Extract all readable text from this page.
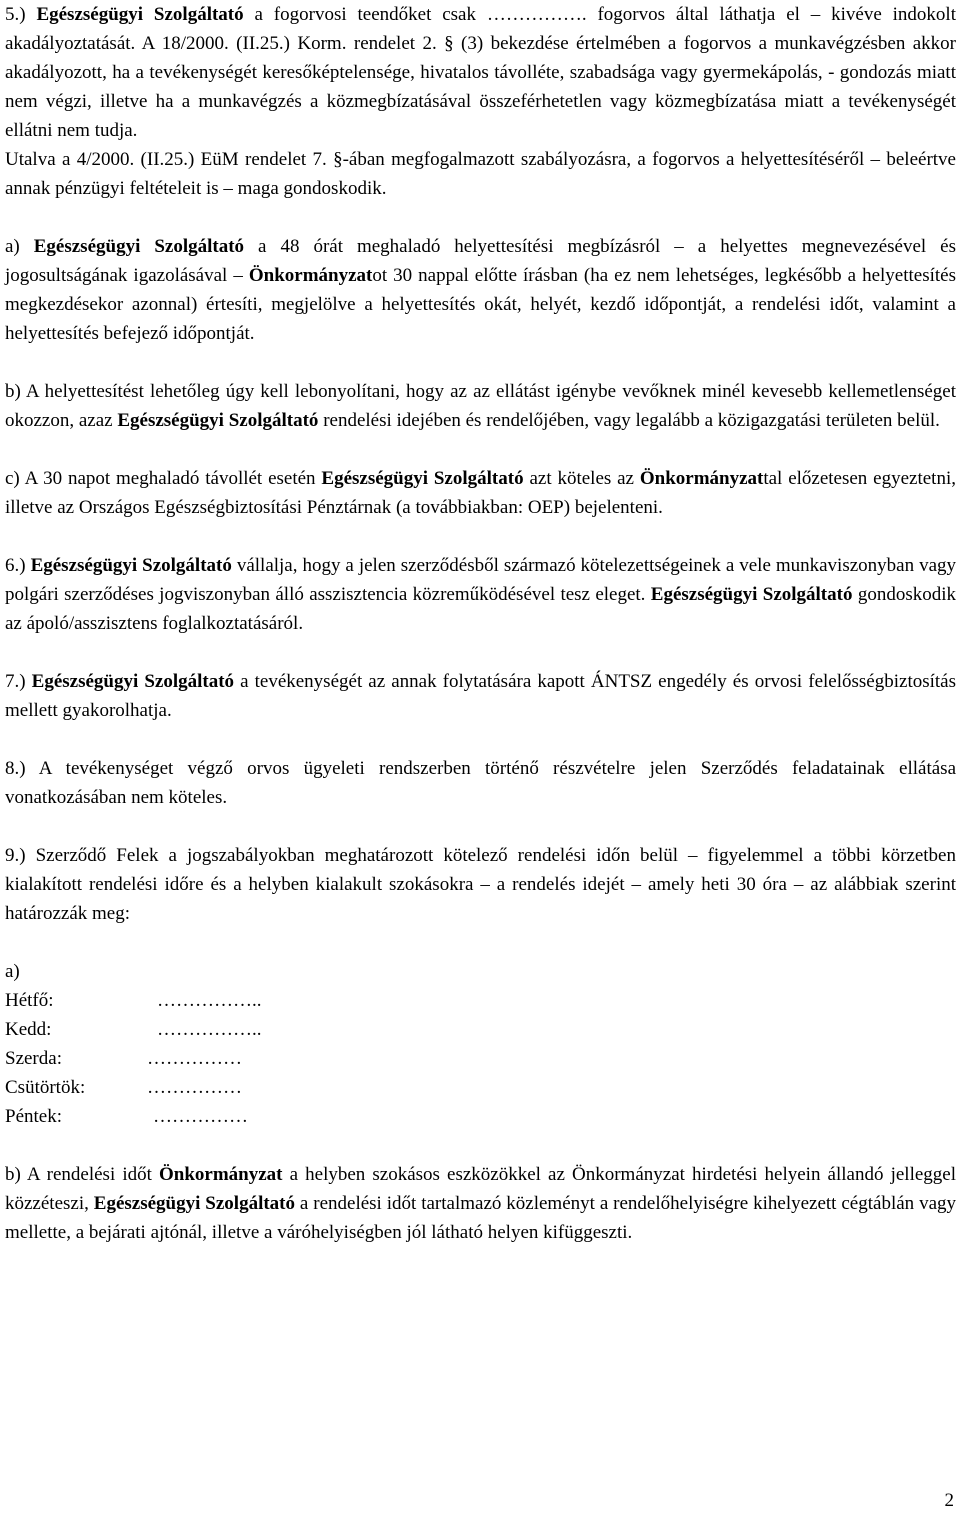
5.) Egészségügyi Szolgáltató a fogorvosi teendőket csak ……………. fogorvos által láthatja el – kivéve indokolt akadályoztatását. A 18/2000. (II.25.) Korm. rendelet 2. § (3) bekezdése értelmében a fogorvos a munkavégzésben akkor akadályozott, ha a tevékenységét keresőképtelensége, hivatalos távolléte, szabadsága vagy gyermekápolás, - gondozás miatt nem végzi, illetve ha a munkavégzés a közmegbízatásával összeférhetetlen vagy közmegbízatása miatt a tevékenységét ellátni nem tudja.

Utalva a 4/2000. (II.25.) EüM rendelet 7. §-ában megfogalmazott szabályozásra, a fogorvos a helyettesítéséről – beleértve annak pénzügyi feltételeit is – maga gondoskodik.

a) Egészségügyi Szolgáltató a 48 órát meghaladó helyettesítési megbízásról – a helyettes megnevezésével és jogosultságának igazolásával – Önkormányzatot 30 nappal előtte írásban (ha ez nem lehetséges, legkésőbb a helyettesítés megkezdésekor azonnal) értesíti, megjelölve a helyettesítés okát, helyét, kezdő időpontját, a rendelési időt, valamint a helyettesítés befejező időpontját.

b) A helyettesítést lehetőleg úgy kell lebonyolítani, hogy az az ellátást igénybe vevőknek minél kevesebb kellemetlenséget okozzon, azaz Egészségügyi Szolgáltató rendelési idejében és rendelőjében, vagy legalább a közigazgatási területen belül.

c) A 30 napot meghaladó távollét esetén Egészségügyi Szolgáltató azt köteles az Önkormányzattal előzetesen egyeztetni, illetve az Országos Egészségbiztosítási Pénztárnak (a továbbiakban: OEP) bejelenteni.

6.) Egészségügyi Szolgáltató vállalja, hogy a jelen szerződésből származó kötelezettségeinek a vele munkaviszonyban vagy polgári szerződéses jogviszonyban álló asszisztencia közreműködésével tesz eleget. Egészségügyi Szolgáltató gondoskodik az ápoló/asszisztens foglalkoztatásáról.

7.) Egészségügyi Szolgáltató a tevékenységét az annak folytatására kapott ÁNTSZ engedély és orvosi felelősségbiztosítás mellett gyakorolhatja.

8.) A tevékenységet végző orvos ügyeleti rendszerben történő részvételre jelen Szerződés feladatainak ellátása vonatkozásában nem köteles.

9.) Szerződő Felek a jogszabályokban meghatározott kötelező rendelési időn belül – figyelemmel a többi körzetben kialakított rendelési időre és a helyben kialakult szokásokra – a rendelés idejét – amely heti 30 óra – az alábbiak szerint határozzák meg:

a)

Hétfő:	……………..
Kedd:	……………..
Szerda:	……………
Csütörtök:	……………
Péntek:	……………

b) A rendelési időt Önkormányzat a helyben szokásos eszközökkel az Önkormányzat hirdetési helyein állandó jelleggel közzéteszi, Egészségügyi Szolgáltató a rendelési időt tartalmazó közleményt a rendelőhelyiségre kihelyezett cégtáblán vagy mellette, a bejárati ajtónál, illetve a váróhelyiségben jól látható helyen kifüggeszti.

2
